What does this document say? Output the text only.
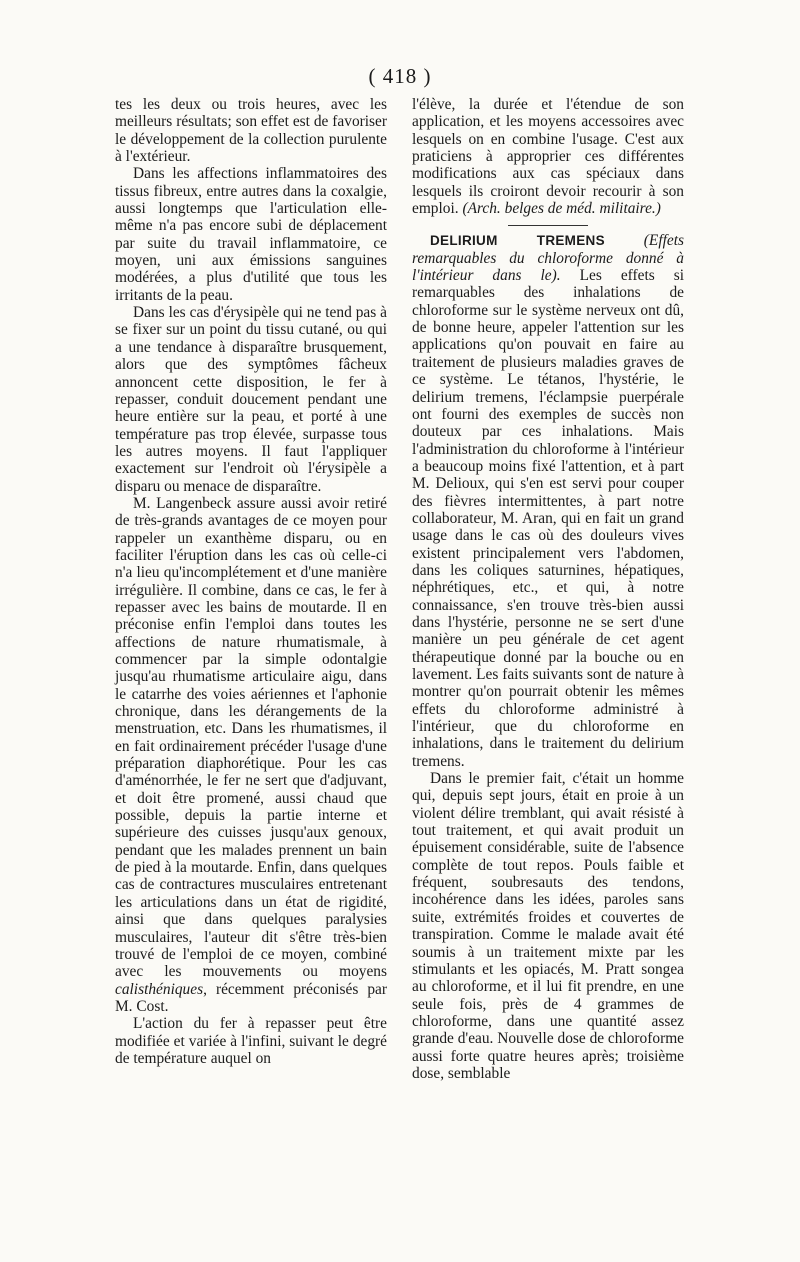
( 418 )

tes les deux ou trois heures, avec les meilleurs résultats; son effet est de favoriser le développement de la collection purulente à l'extérieur.

Dans les affections inflammatoires des tissus fibreux, entre autres dans la coxalgie, aussi longtemps que l'articulation elle-même n'a pas encore subi de déplacement par suite du travail inflammatoire, ce moyen, uni aux émissions sanguines modérées, a plus d'utilité que tous les irritants de la peau.

Dans les cas d'érysipèle qui ne tend pas à se fixer sur un point du tissu cutané, ou qui a une tendance à disparaître brusquement, alors que des symptômes fâcheux annoncent cette disposition, le fer à repasser, conduit doucement pendant une heure entière sur la peau, et porté à une température pas trop élevée, surpasse tous les autres moyens. Il faut l'appliquer exactement sur l'endroit où l'érysipèle a disparu ou menace de disparaître.

M. Langenbeck assure aussi avoir retiré de très-grands avantages de ce moyen pour rappeler un exanthème disparu, ou en faciliter l'éruption dans les cas où celle-ci n'a lieu qu'incomplétement et d'une manière irrégulière. Il combine, dans ce cas, le fer à repasser avec les bains de moutarde. Il en préconise enfin l'emploi dans toutes les affections de nature rhumatismale, à commencer par la simple odontalgie jusqu'au rhumatisme articulaire aigu, dans le catarrhe des voies aériennes et l'aphonie chronique, dans les dérangements de la menstruation, etc. Dans les rhumatismes, il en fait ordinairement précéder l'usage d'une préparation diaphorétique. Pour les cas d'aménorrhée, le fer ne sert que d'adjuvant, et doit être promené, aussi chaud que possible, depuis la partie interne et supérieure des cuisses jusqu'aux genoux, pendant que les malades prennent un bain de pied à la moutarde. Enfin, dans quelques cas de contractures musculaires entretenant les articulations dans un état de rigidité, ainsi que dans quelques paralysies musculaires, l'auteur dit s'être très-bien trouvé de l'emploi de ce moyen, combiné avec les mouvements ou moyens calisthéniques, récemment préconisés par M. Cost.

L'action du fer à repasser peut être modifiée et variée à l'infini, suivant le degré de température auquel on

l'élève, la durée et l'étendue de son application, et les moyens accessoires avec lesquels on en combine l'usage. C'est aux praticiens à approprier ces différentes modifications aux cas spéciaux dans lesquels ils croiront devoir recourir à son emploi. (Arch. belges de méd. militaire.)

DELIRIUM TREMENS	(Effets remarquables du chloroforme donné à l'intérieur dans le). Les effets si remarquables des inhalations de chloroforme sur le système nerveux ont dû, de bonne heure, appeler l'attention sur les applications qu'on pouvait en faire au traitement de plusieurs maladies graves de ce système. Le tétanos, l'hystérie, le delirium tremens, l'éclampsie puerpérale ont fourni des exemples de succès non douteux par ces inhalations. Mais l'administration du chloroforme à l'intérieur a beaucoup moins fixé l'attention, et à part M. Delioux, qui s'en est servi pour couper des fièvres intermittentes, à part notre collaborateur, M. Aran, qui en fait un grand usage dans le cas où des douleurs vives existent principalement vers l'abdomen, dans les coliques saturnines, hépatiques, néphrétiques, etc., et qui, à notre connaissance, s'en trouve très-bien aussi dans l'hystérie, personne ne se sert d'une manière un peu générale de cet agent thérapeutique donné par la bouche ou en lavement. Les faits suivants sont de nature à montrer qu'on pourrait obtenir les mêmes effets du chloroforme administré à l'intérieur, que du chloroforme en inhalations, dans le traitement du delirium tremens.

Dans le premier fait, c'était un homme qui, depuis sept jours, était en proie à un violent délire tremblant, qui avait résisté à tout traitement, et qui avait produit un épuisement considérable, suite de l'absence complète de tout repos. Pouls faible et fréquent, soubresauts des tendons, incohérence dans les idées, paroles sans suite, extrémités froides et couvertes de transpiration. Comme le malade avait été soumis à un traitement mixte par les stimulants et les opiacés, M. Pratt songea au chloroforme, et il lui fit prendre, en une seule fois, près de 4 grammes de chloroforme, dans une quantité assez grande d'eau. Nouvelle dose de chloroforme aussi forte quatre heures après; troisième dose, semblable
